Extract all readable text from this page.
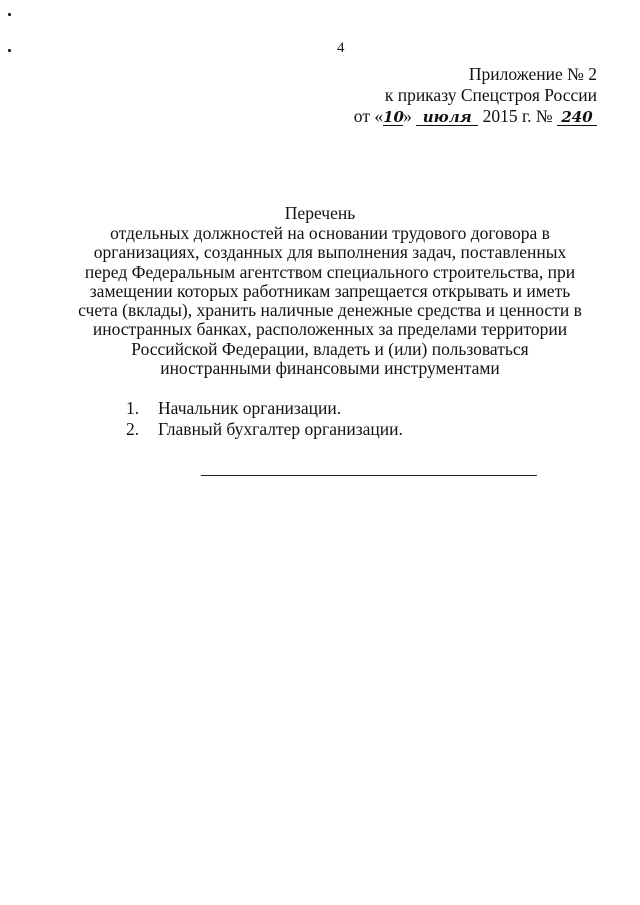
4
Приложение № 2
к приказу Спецстроя России
от «10» июля 2015 г. № 240
Перечень
отдельных должностей на основании трудового договора в
организациях, созданных для выполнения задач, поставленных
перед Федеральным агентством специального строительства, при
замещении которых работникам запрещается открывать и иметь
счета (вклады), хранить наличные денежные средства и ценности в
иностранных банках, расположенных за пределами территории
Российской Федерации, владеть и (или) пользоваться
иностранными финансовыми инструментами
1.	Начальник организации.
2.	Главный бухгалтер организации.
